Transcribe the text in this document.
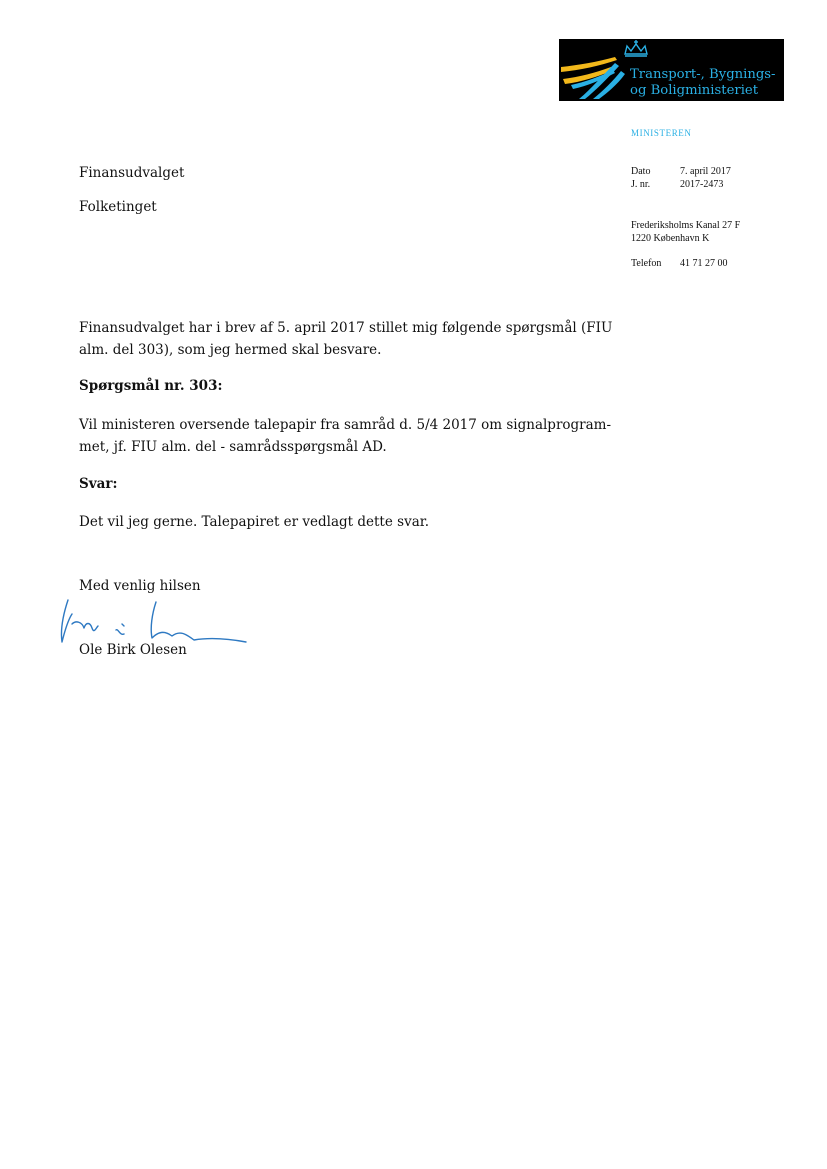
Transport-, Bygnings-
og Boligministeriet
MINISTEREN
Dato	7. april 2017
J. nr.	2017-2473
Frederiksholms Kanal 27 F
1220 København K
Telefon	41 71 27 00
Finansudvalget
Folketinget
Finansudvalget har i brev af 5. april 2017 stillet mig følgende spørgsmål (FIU
alm. del 303), som jeg hermed skal besvare.
Spørgsmål nr. 303:
Vil ministeren oversende talepapir fra samråd d. 5/4 2017 om signalprogram-
met, jf. FIU alm. del - samrådsspørgsmål AD.
Svar:
Det vil jeg gerne. Talepapiret er vedlagt dette svar.
Med venlig hilsen
Ole Birk Olesen
